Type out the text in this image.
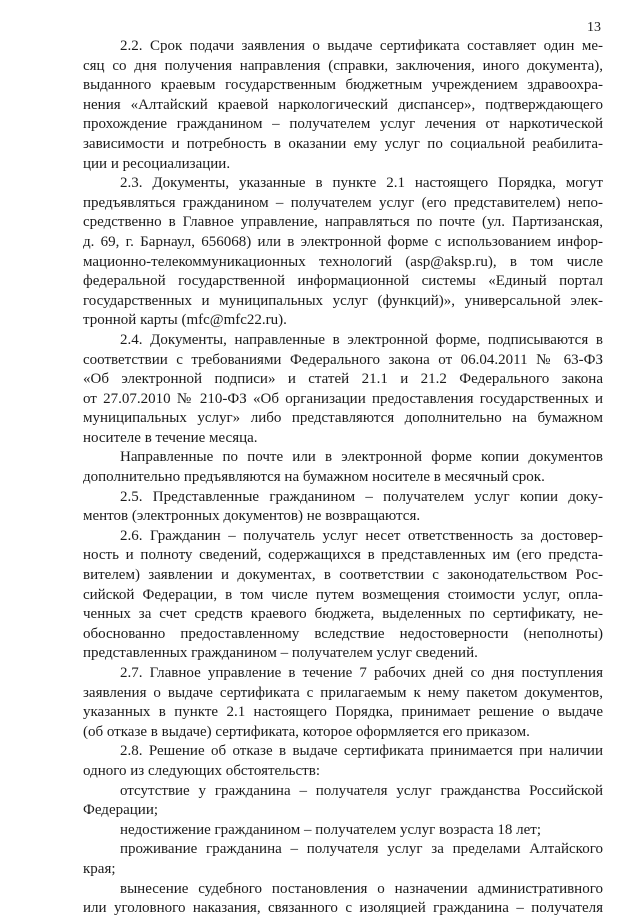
13
2.2. Срок подачи заявления о выдаче сертификата составляет один ме-
сяц со дня получения направления (справки, заключения, иного документа),
выданного краевым государственным бюджетным учреждением здравоохра-
нения «Алтайский краевой наркологический диспансер», подтверждающего
прохождение гражданином – получателем услуг лечения от наркотической
зависимости и потребность в оказании ему услуг по социальной реабилита-
ции и ресоциализации.
2.3. Документы, указанные в пункте 2.1 настоящего Порядка, могут
предъявляться гражданином – получателем услуг (его представителем) непо-
средственно в Главное управление, направляться по почте (ул. Партизанская,
д. 69, г. Барнаул, 656068) или в электронной форме с использованием инфор-
мационно-телекоммуникационных технологий (asp@aksp.ru), в том числе
федеральной государственной информационной системы «Единый портал
государственных и муниципальных услуг (функций)», универсальной элек-
тронной карты (mfc@mfc22.ru).
2.4. Документы, направленные в электронной форме, подписываются в
соответствии с требованиями Федерального закона от 06.04.2011 № 63-ФЗ
«Об электронной подписи» и статей 21.1 и 21.2 Федерального закона
от 27.07.2010 № 210-ФЗ «Об организации предоставления государственных и
муниципальных услуг» либо представляются дополнительно на бумажном
носителе в течение месяца.
Направленные по почте или в электронной форме копии документов
дополнительно предъявляются на бумажном носителе в месячный срок.
2.5. Представленные гражданином – получателем услуг копии доку-
ментов (электронных документов) не возвращаются.
2.6. Гражданин – получатель услуг несет ответственность за достовер-
ность и полноту сведений, содержащихся в представленных им (его предста-
вителем) заявлении и документах, в соответствии с законодательством Рос-
сийской Федерации, в том числе путем возмещения стоимости услуг, опла-
ченных за счет средств краевого бюджета, выделенных по сертификату, не-
обоснованно предоставленному вследствие недостоверности (неполноты)
представленных гражданином – получателем услуг сведений.
2.7. Главное управление в течение 7 рабочих дней со дня поступления
заявления о выдаче сертификата с прилагаемым к нему пакетом документов,
указанных в пункте 2.1 настоящего Порядка, принимает решение о выдаче
(об отказе в выдаче) сертификата, которое оформляется его приказом.
2.8. Решение об отказе в выдаче сертификата принимается при наличии
одного из следующих обстоятельств:
отсутствие у гражданина – получателя услуг гражданства Российской
Федерации;
недостижение гражданином – получателем услуг возраста 18 лет;
проживание гражданина – получателя услуг за пределами Алтайского
края;
вынесение судебного постановления о назначении административного
или уголовного наказания, связанного с изоляцией гражданина – получателя
